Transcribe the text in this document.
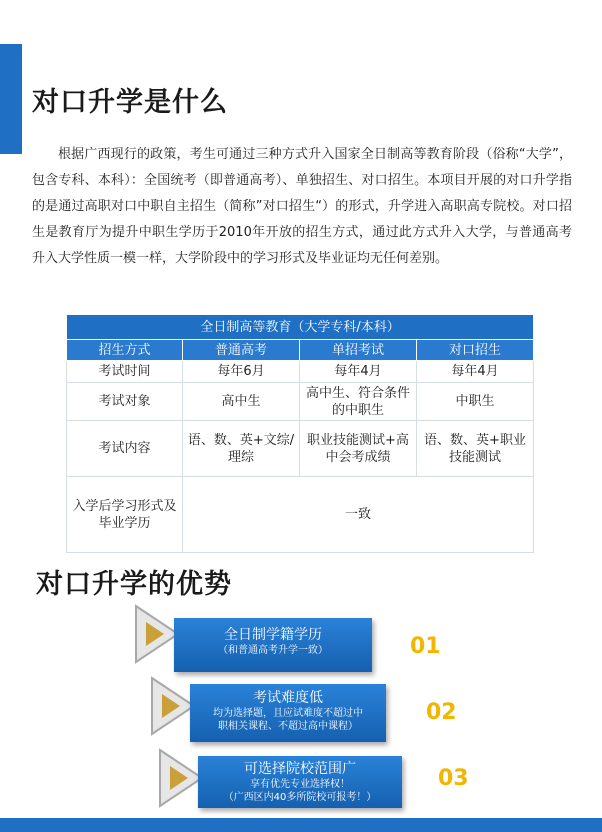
对口升学是什么
根据广西现行的政策，考生可通过三种方式升入国家全日制高等教育阶段（俗称“大学”，包含专科、本科）：全国统考（即普通高考）、单独招生、对口招生。本项目开展的对口升学指的是通过高职对口中职自主招生（简称”对口招生“）的形式，升学进入高职高专院校。对口招生是教育厅为提升中职生学历于2010年开放的招生方式，通过此方式升入大学，与普通高考升入大学性质一模一样，大学阶段中的学习形式及毕业证均无任何差别。
全日制高等教育（大学专科/本科）			
招生方式	普通高考	单招考试	对口招生
考试时间	每年6月	每年4月	每年4月
考试对象	高中生	高中生、符合条件的中职生	中职生
考试内容	语、数、英+文综/理综	职业技能测试+高中会考成绩	语、数、英+职业技能测试
入学后学习形式及毕业学历	一致		
对口升学的优势
全日制学籍学历
（和普通高考升学一致）	01
考试难度低
均为选择题，且应试难度不超过中
职相关课程、不超过高中课程）
02
可选择院校范围广
享有优先专业选择权！
（广西区内40多所院校可报考！）
03
